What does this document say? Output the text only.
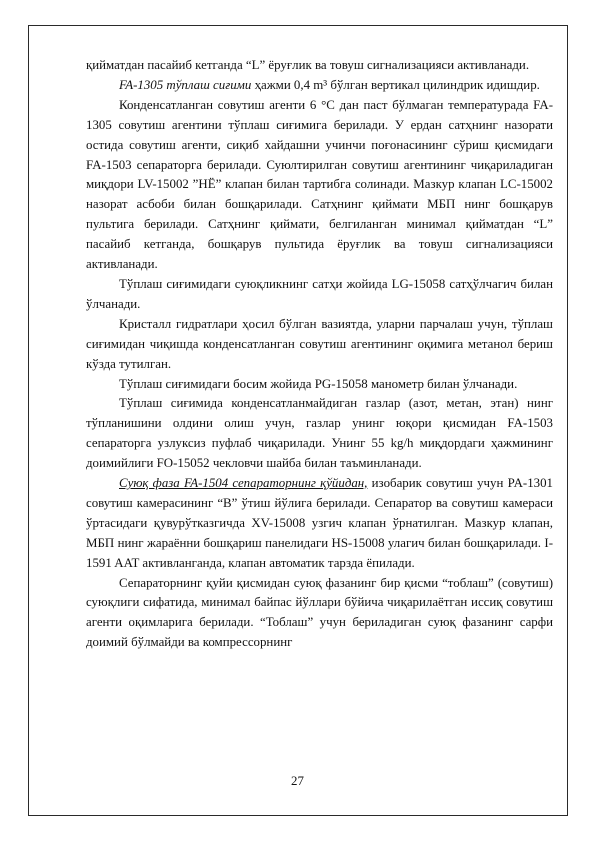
қийматдан пасайиб кетганда “L” ёруғлик ва товуш сигнализацияси активланади.

FA-1305 тўплаш сиғими ҳажми 0,4 m³ бўлган вертикал цилиндрик идишдир.

Конденсатланган совутиш агенти 6 °C дан паст бўлмаган температурада FA-1305 совутиш агентини тўплаш сиғимига берилади. У ердан сатҳнинг назорати остида совутиш агенти, сиқиб хайдашни учинчи поғонасининг сўриш қисмидаги FA-1503 сепараторга берилади. Суюлтирилган совутиш агентининг чиқариладиган миқдори LV-15002 ”НЁ” клапан билан тартибга солинади. Мазкур клапан LC-15002 назорат асбоби билан бошқарилади. Сатҳнинг қиймати МБП нинг бошқарув пультига берилади. Сатҳнинг қиймати, белгиланган минимал қийматдан “L” пасайиб кетганда, бошқарув пультида ёруғлик ва товуш сигнализацияси активланади.

Тўплаш сиғимидаги суюқликнинг сатҳи жойида LG-15058 сатҳўлчагич билан ўлчанади.

Кристалл гидратлари ҳосил бўлган вазиятда, уларни парчалаш учун, тўплаш сиғимидан чиқишда конденсатланган совутиш агентининг оқимига метанол бериш кўзда тутилган.

Тўплаш сиғимидаги босим жойида PG-15058 манометр билан ўлчанади.

Тўплаш сиғимида конденсатланмайдиган газлар (азот, метан, этан) нинг тўпланишини олдини олиш учун, газлар унинг юқори қисмидан FA-1503 сепараторга узлуксиз пуфлаб чиқарилади. Унинг 55 kg/h миқдордаги ҳажмининг доимийлиги FO-15052 чекловчи шайба билан таъминланади.

Суюқ фаза FA-1504 сепараторнинг қўйидан, изобарик совутиш учун PA-1301 совутиш камерасининг “B” ўтиш йўлига берилади. Сепаратор ва совутиш камераси ўртасидаги қувурўтказгичда XV-15008 узгич клапан ўрнатилган. Мазкур клапан, МБП нинг жараённи бошқариш панелидаги HS-15008 улагич билан бошқарилади. I-1591 AAT активланганда, клапан автоматик тарзда ёпилади.

Сепараторнинг қуйи қисмидан суюқ фазанинг бир қисми “тоблаш” (совутиш) суюқлиги сифатида, минимал байпас йўллари бўйича чиқарилаётган иссиқ совутиш агенти оқимларига берилади. “Тоблаш” учун бериладиган суюқ фазанинг сарфи доимий бўлмайди ва компрессорнинг

27
